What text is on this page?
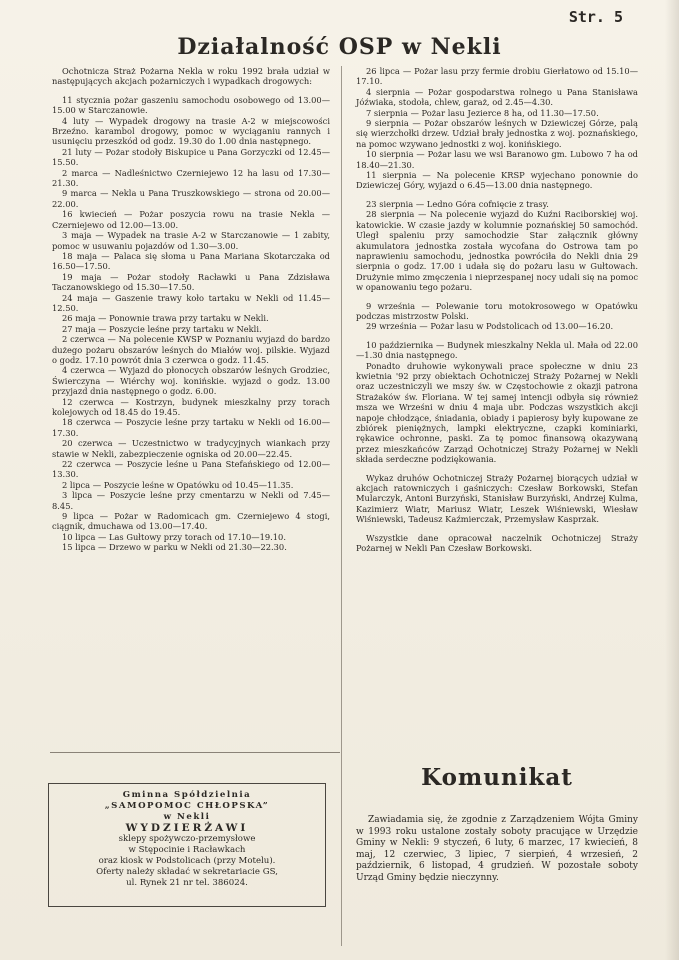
Str. 5
Działalność OSP w Nekli

Ochotnicza Straż Pożarna Nekla w roku 1992 brała udział w następujących akcjach pożarniczych i wypadkach drogowych:

11 stycznia pożar gaszeniu samochodu osobowego od 13.00—15.00 w Starczanowie.

4 luty — Wypadek drogowy na trasie A-2 w miejscowości Brzeźno. karambol drogowy, pomoc w wyciąganiu rannych i usunięciu przeszkód od godz. 19.30 do 1.00 dnia następnego.

21 luty — Pożar stodoły Biskupice u Pana Gorzyczki od 12.45—15.50.

2 marca — Nadleśnictwo Czerniejewo 12 ha lasu od 17.30—21.30.

9 marca — Nekla u Pana Truszkowskiego — strona od 20.00—22.00.

16 kwiecień — Pożar poszycia rowu na trasie Nekla — Czerniejewo od 12.00—13.00.

3 maja — Wypadek na trasie A-2 w Starczanowie — 1 zabity, pomoc w usuwaniu pojazdów od 1.30—3.00.

18 maja — Palaca się słoma u Pana Mariana Skotarczaka od 16.50—17.50.

19 maja — Pożar stodoły Racławki u Pana Zdzisława Taczanowskiego od 15.30—17.50.

24 maja — Gaszenie trawy koło tartaku w Nekli od 11.45—12.50.

26 maja — Ponownie trawa przy tartaku w Nekli.

27 maja — Poszycie leśne przy tartaku w Nekli.

2 czerwca — Na polecenie KWSP w Poznaniu wyjazd do bardzo dużego pożaru obszarów leśnych do Miałów woj. pilskie. Wyjazd o godz. 17.10 powrót dnia 3 czerwca o godz. 11.45.

4 czerwca — Wyjazd do płonocych obszarów leśnych Grodziec, Świerczyna — Wiérchy woj. konińskie. wyjazd o godz. 13.00 przyjazd dnia następnego o godz. 6.00.

12 czerwca — Kostrzyn, budynek mieszkalny przy torach kolejowych od 18.45 do 19.45.

18 czerwca — Poszycie leśne przy tartaku w Nekli od 16.00—17.30.

20 czerwca — Uczestnictwo w tradycyjnych wiankach przy stawie w Nekli, zabezpieczenie ogniska od 20.00—22.45.

22 czerwca — Poszycie leśne u Pana Stefańskiego od 12.00—13.30.

2 lipca — Poszycie leśne w Opatówku od 10.45—11.35.

3 lipca — Poszycie leśne przy cmentarzu w Nekli od 7.45—8.45.

9 lipca — Pożar w Radomicach gm. Czerniejewo 4 stogi, ciągnik, dmuchawa od 13.00—17.40.

10 lipca — Las Gułtowy przy torach od 17.10—19.10.

15 lipca — Drzewo w parku w Nekli od 21.30—22.30.

26 lipca — Pożar lasu przy fermie drobiu Gierłatowo od 15.10—17.10.

4 sierpnia — Pożar gospodarstwa rolnego u Pana Stanisława Jóźwiaka, stodoła, chlew, garaż, od 2.45—4.30.

7 sierpnia — Pożar lasu Jezierce 8 ha, od 11.30—17.50.

9 sierpnia — Pożar obszarów leśnych w Dziewiczej Górze, palą się wierzchołki drzew. Udział brały jednostka z woj. poznańskiego, na pomoc wzywano jednostki z woj. konińskiego.

10 sierpnia — Pożar lasu we wsi Baranowo gm. Lubowo 7 ha od 18.40—21.30.

11 sierpnia — Na polecenie KRSP wyjechano ponownie do Dziewiczej Góry, wyjazd o 6.45—13.00 dnia następnego.

23 sierpnia — Ledno Góra cofnięcie z trasy.

28 sierpnia — Na polecenie wyjazd do Kuźni Raciborskiej woj. katowickie. W czasie jazdy w kolumnie poznańskiej 50 samochód. Uległ spaleniu przy samochodzie Star załącznik główny akumulatora jednostka została wycofana do Ostrowa tam po naprawieniu samochodu, jednostka powróciła do Nekli dnia 29 sierpnia o godz. 17.00 i udała się do pożaru lasu w Gułtowach. Drużynie mimo zmęczenia i nieprzespanej nocy udali się na pomoc w opanowaniu tego pożaru.

9 września — Polewanie toru motokrosowego w Opatówku podczas mistrzostw Polski.

29 września — Pożar lasu w Podstolicach od 13.00—16.20.

10 października — Budynek mieszkalny Nekla ul. Mała od 22.00—1.30 dnia następnego.

Ponadto druhowie wykonywali prace społeczne w dniu 23 kwietnia '92 przy obiektach Ochotniczej Straży Pożarnej w Nekli oraz uczestniczyli we mszy św. w Częstochowie z okazji patrona Strażaków św. Floriana. W tej samej intencji odbyła się również msza we Wrześni w dniu 4 maja ubr. Podczas wszystkich akcji napoje chłodzące, śniadania, obiady i papierosy były kupowane ze zbiórek pieniężnych, lampki elektryczne, czapki kominiarki, rękawice ochronne, paski. Za tę pomoc finansową okazywaną przez mieszkańców Zarząd Ochotniczej Straży Pożarnej w Nekli składa serdeczne podziękowania.

Wykaz druhów Ochotniczej Straży Pożarnej biorących udział w akcjach ratowniczych i gaśniczych: Czesław Borkowski, Stefan Mularczyk, Antoni Burzyński, Stanisław Burzyński, Andrzej Kulma, Kazimierz Wiatr, Mariusz Wiatr, Leszek Wiśniewski, Wiesław Wiśniewski, Tadeusz Kaźmierczak, Przemysław Kasprzak.

Wszystkie dane opracował naczelnik Ochotniczej Straży Pożarnej w Nekli Pan Czesław Borkowski.

Gminna Spółdzielnia
„SAMOPOMOC CHŁOPSKA”
w Nekli
WYDZIERŻAWI
sklepy spożywczo-przemysłowe
w Stępocinie i Racławkach
oraz kiosk w Podstolicach (przy Motelu).
Oferty należy składać w sekretariacie GS,
ul. Rynek 21 nr tel. 386024.
Komunikat

Zawiadamia się, że zgodnie z Zarządzeniem Wójta Gminy w 1993 roku ustalone zostały soboty pracujące w Urzędzie Gminy w Nekli: 9 styczeń, 6 luty, 6 marzec, 17 kwiecień, 8 maj, 12 czerwiec, 3 lipiec, 7 sierpień, 4 wrzesień, 2 październik, 6 listopad, 4 grudzień. W pozostałe soboty Urząd Gminy będzie nieczynny.
